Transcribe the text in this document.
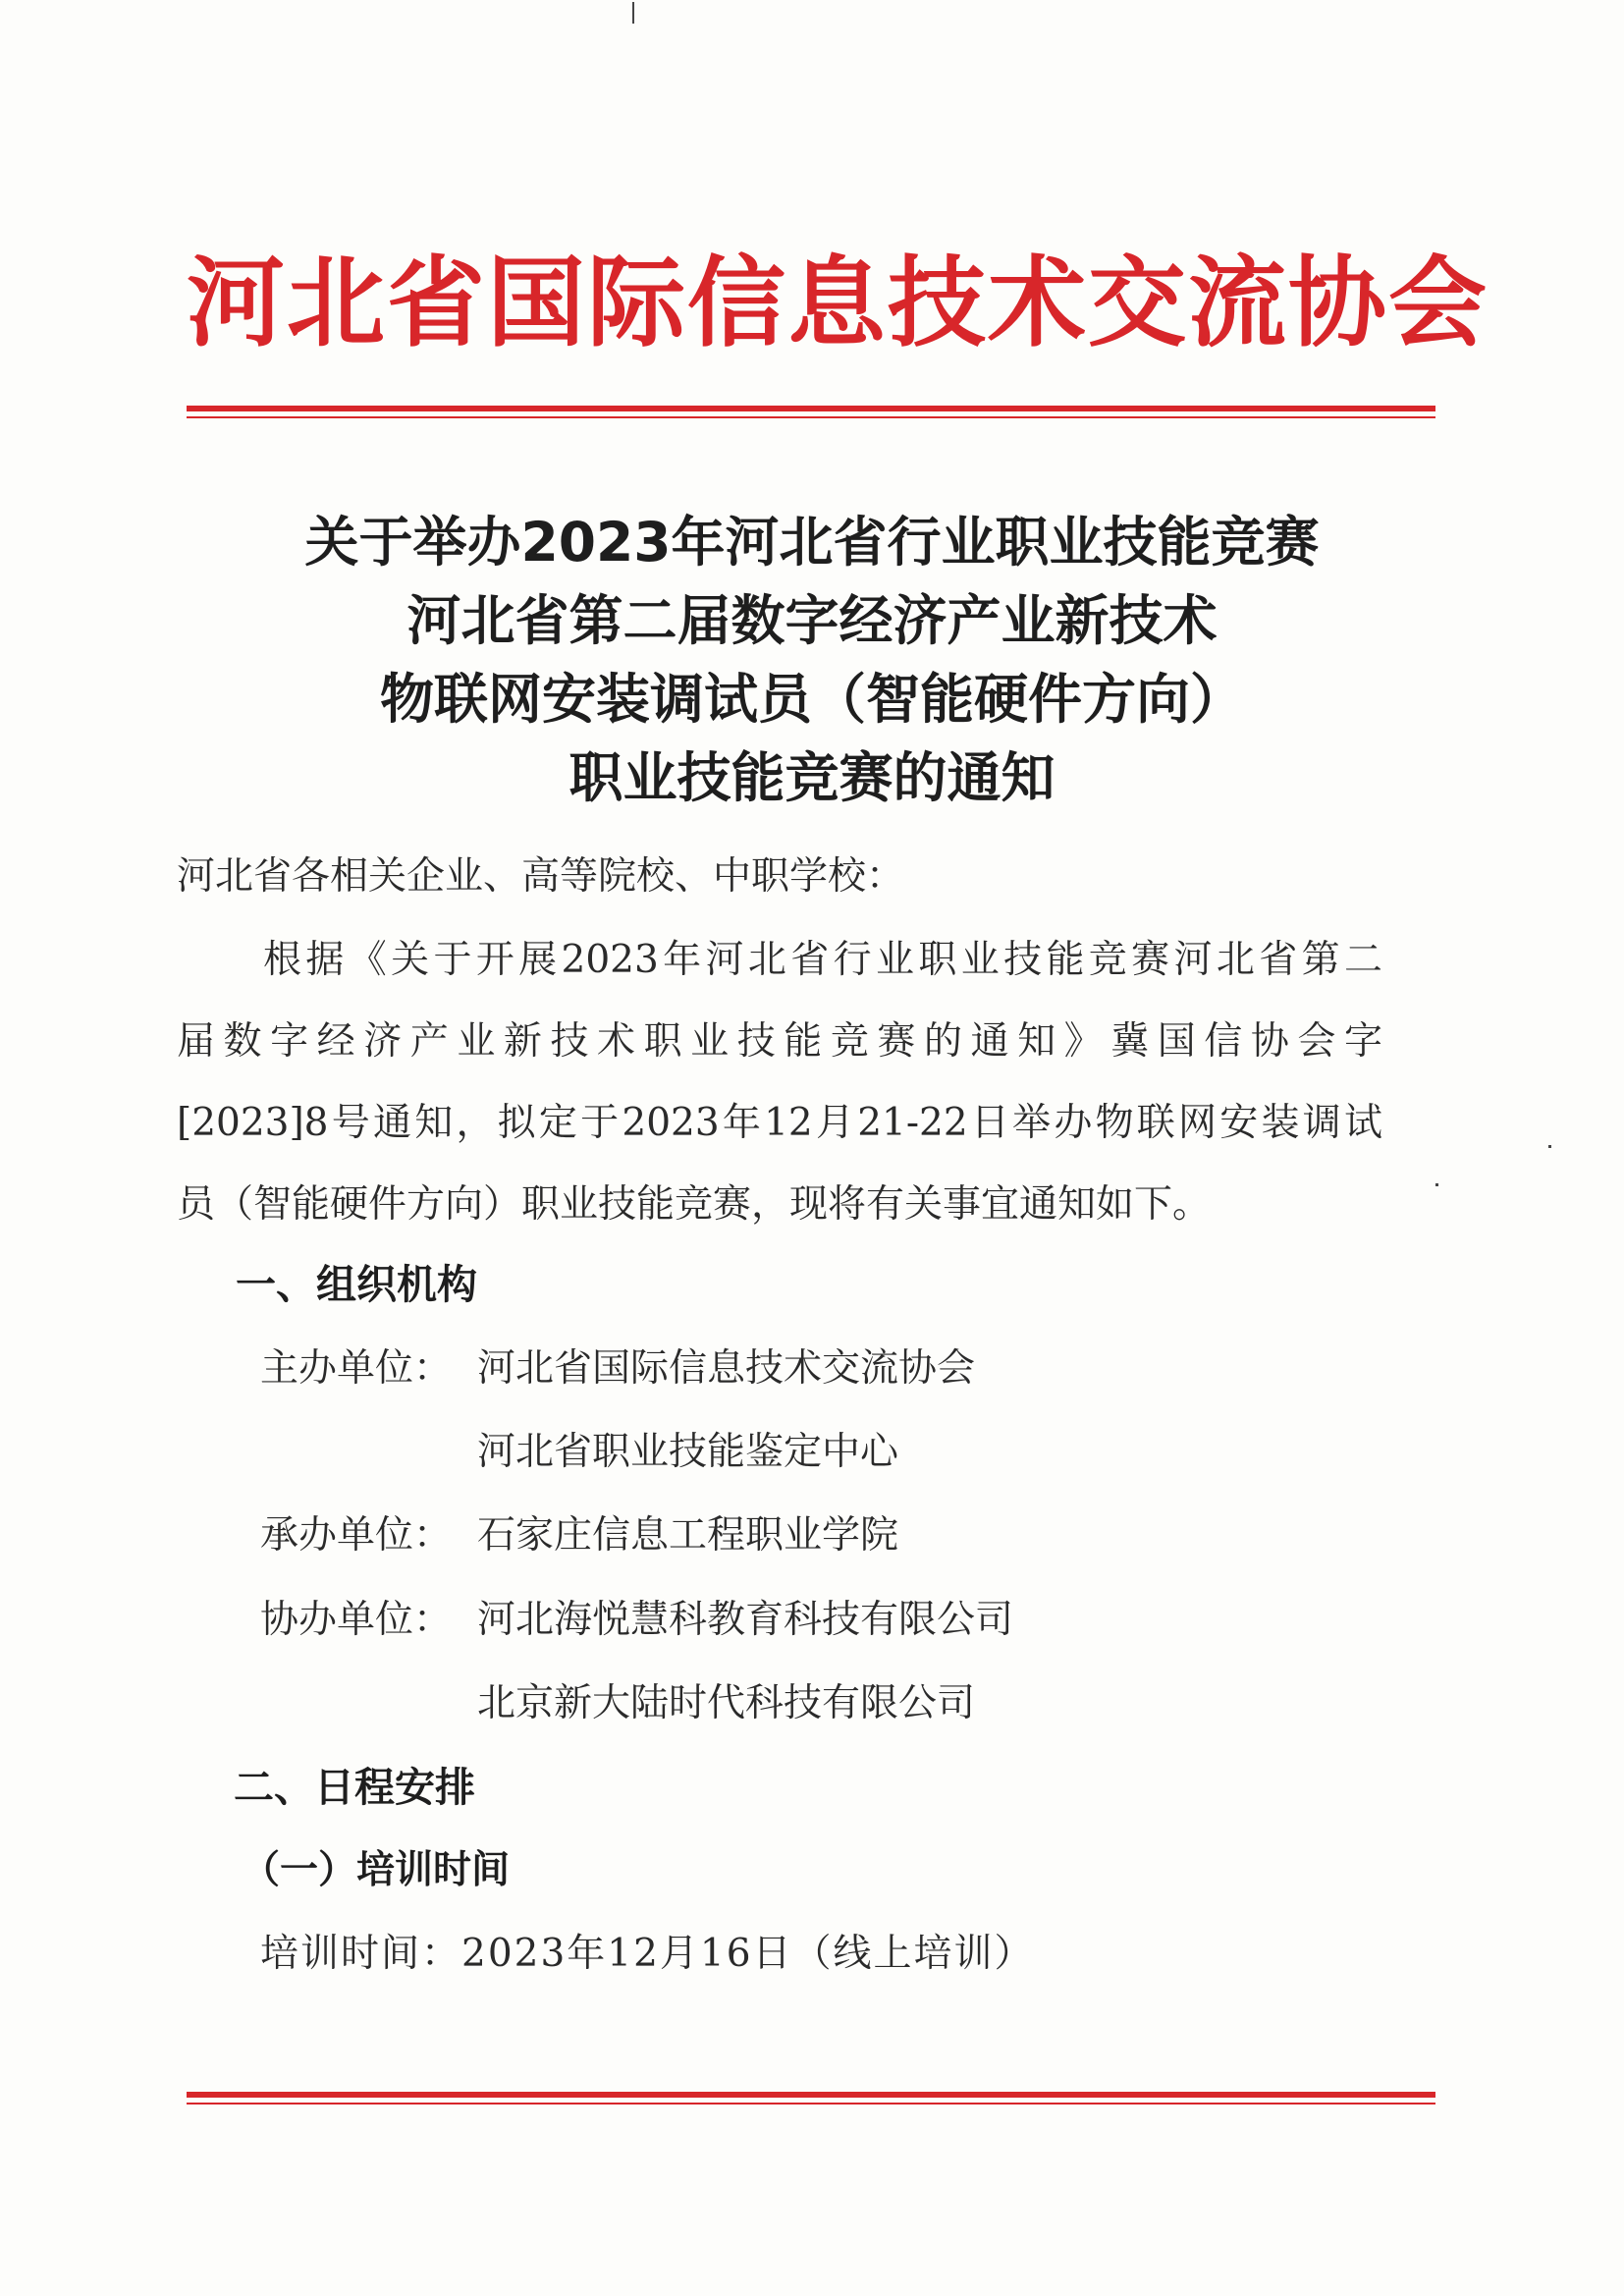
河北省国际信息技术交流协会
关于举办2023年河北省行业职业技能竞赛
河北省第二届数字经济产业新技术
物联网安装调试员（智能硬件方向）
职业技能竞赛的通知
河北省各相关企业、高等院校、中职学校：
根据《关于开展2023年河北省行业职业技能竞赛河北省第二
届数字经济产业新技术职业技能竞赛的通知》冀国信协会字
[2023]8号通知，拟定于2023年12月21-22日举办物联网安装调试
员（智能硬件方向）职业技能竞赛，现将有关事宜通知如下。
一、组织机构
主办单位： 河北省国际信息技术交流协会
河北省职业技能鉴定中心
承办单位： 石家庄信息工程职业学院
协办单位： 河北海悦慧科教育科技有限公司
北京新大陆时代科技有限公司
二、日程安排
（一）培训时间
培训时间：2023年12月16日（线上培训）
